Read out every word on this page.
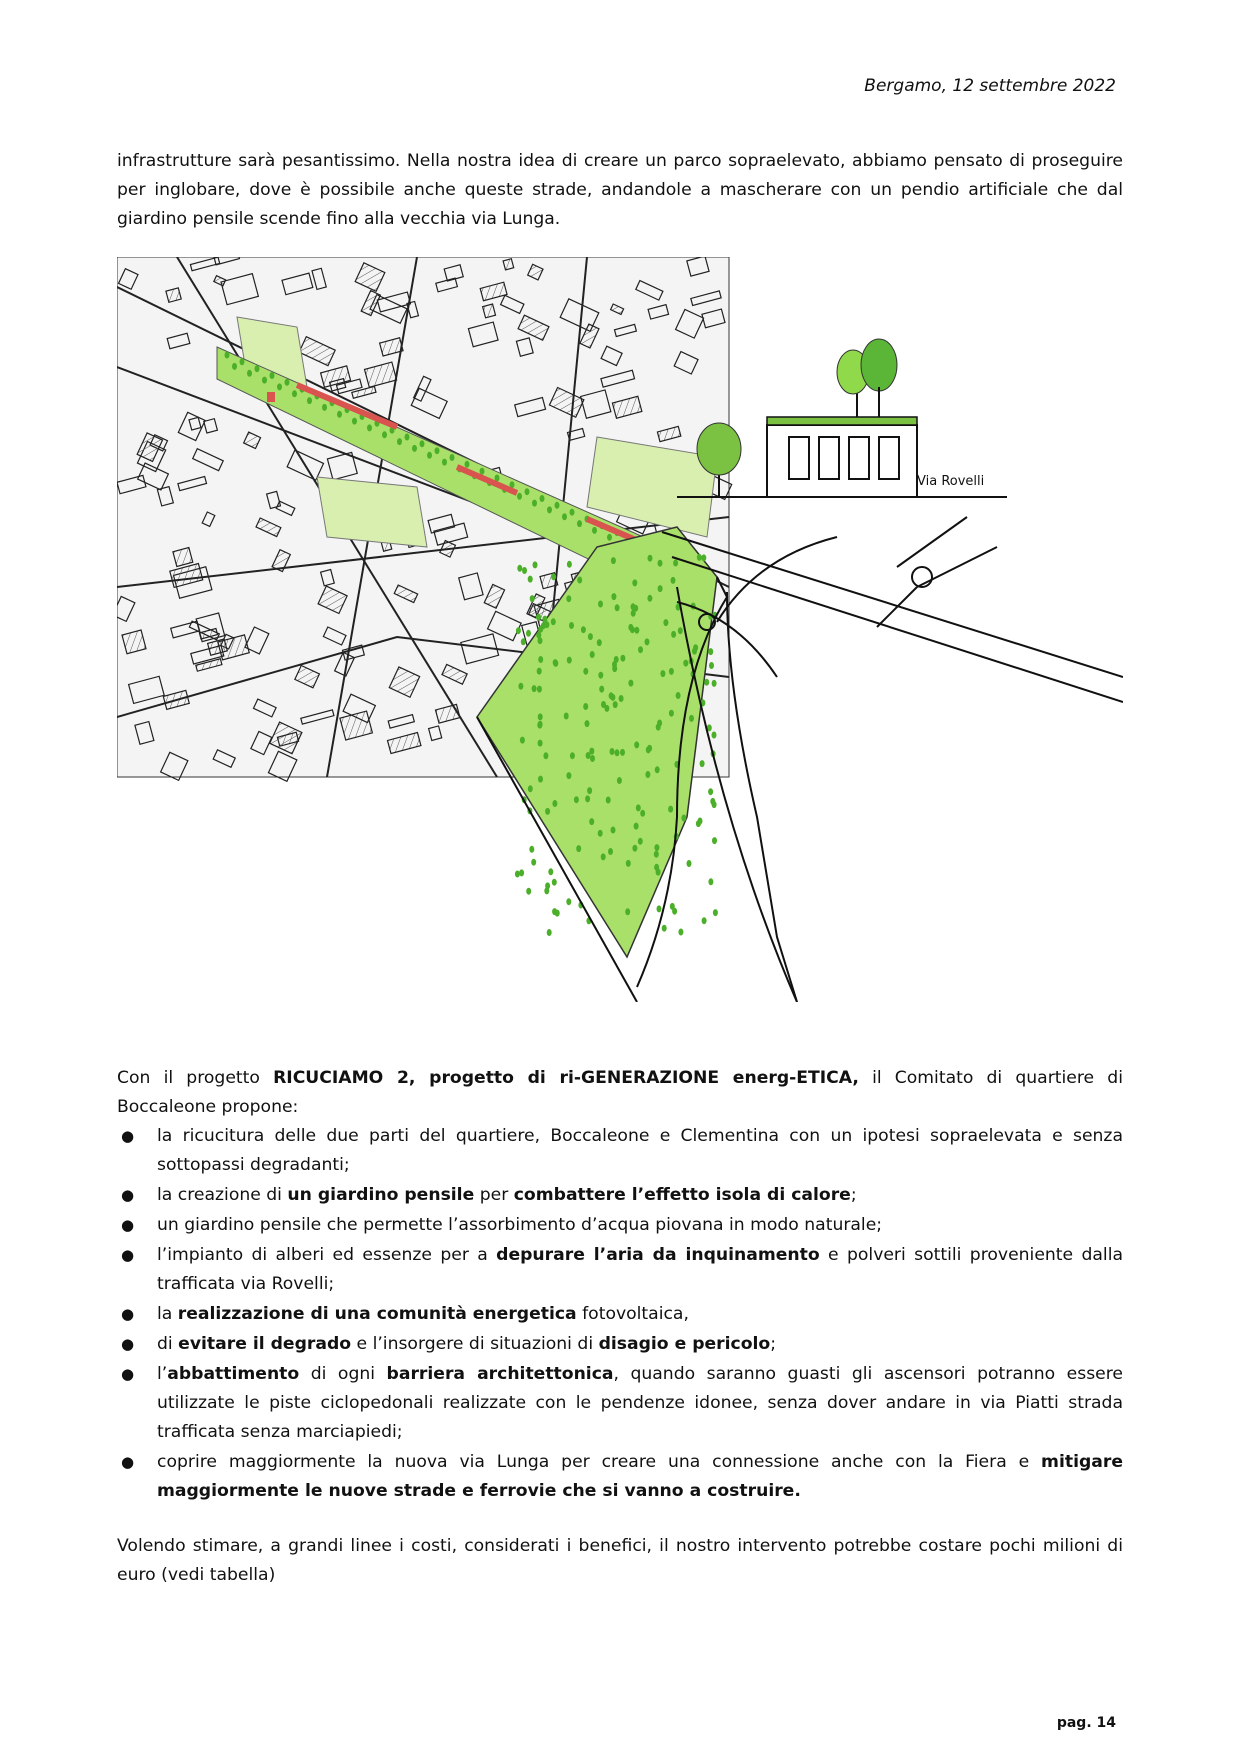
Bergamo, 12 settembre 2022

infrastrutture sarà pesantissimo. Nella nostra idea di creare un parco sopraelevato, abbiamo pensato di proseguire per inglobare, dove è possibile anche queste strade, andandole a mascherare con un pendio artificiale che dal giardino pensile scende fino alla vecchia via Lunga.

Via Rovelli

Con il progetto RICUCIAMO 2, progetto di ri-GENERAZIONE energ-ETICA, il Comitato di quartiere di Boccaleone propone:

● la ricucitura delle due parti del quartiere, Boccaleone e Clementina con un ipotesi sopraelevata e senza sottopassi degradanti;
● la creazione di un giardino pensile per combattere l’effetto isola di calore;
● un giardino pensile che permette l’assorbimento d’acqua piovana in modo naturale;
● l’impianto di alberi ed essenze per a depurare l’aria da inquinamento e polveri sottili proveniente dalla trafficata via Rovelli;
● la realizzazione di una comunità energetica fotovoltaica,
● di evitare il degrado e l’insorgere di situazioni di disagio e pericolo;
● l’abbattimento di ogni barriera architettonica, quando saranno guasti gli ascensori potranno essere utilizzate le piste ciclopedonali realizzate con le pendenze idonee, senza dover andare in via Piatti strada trafficata senza marciapiedi;
● coprire maggiormente la nuova via Lunga per creare una connessione anche con la Fiera e mitigare maggiormente le nuove strade e ferrovie che si vanno a costruire.

Volendo stimare, a grandi linee i costi, considerati i benefici, il nostro intervento potrebbe costare pochi milioni di euro (vedi tabella)

pag. 14
